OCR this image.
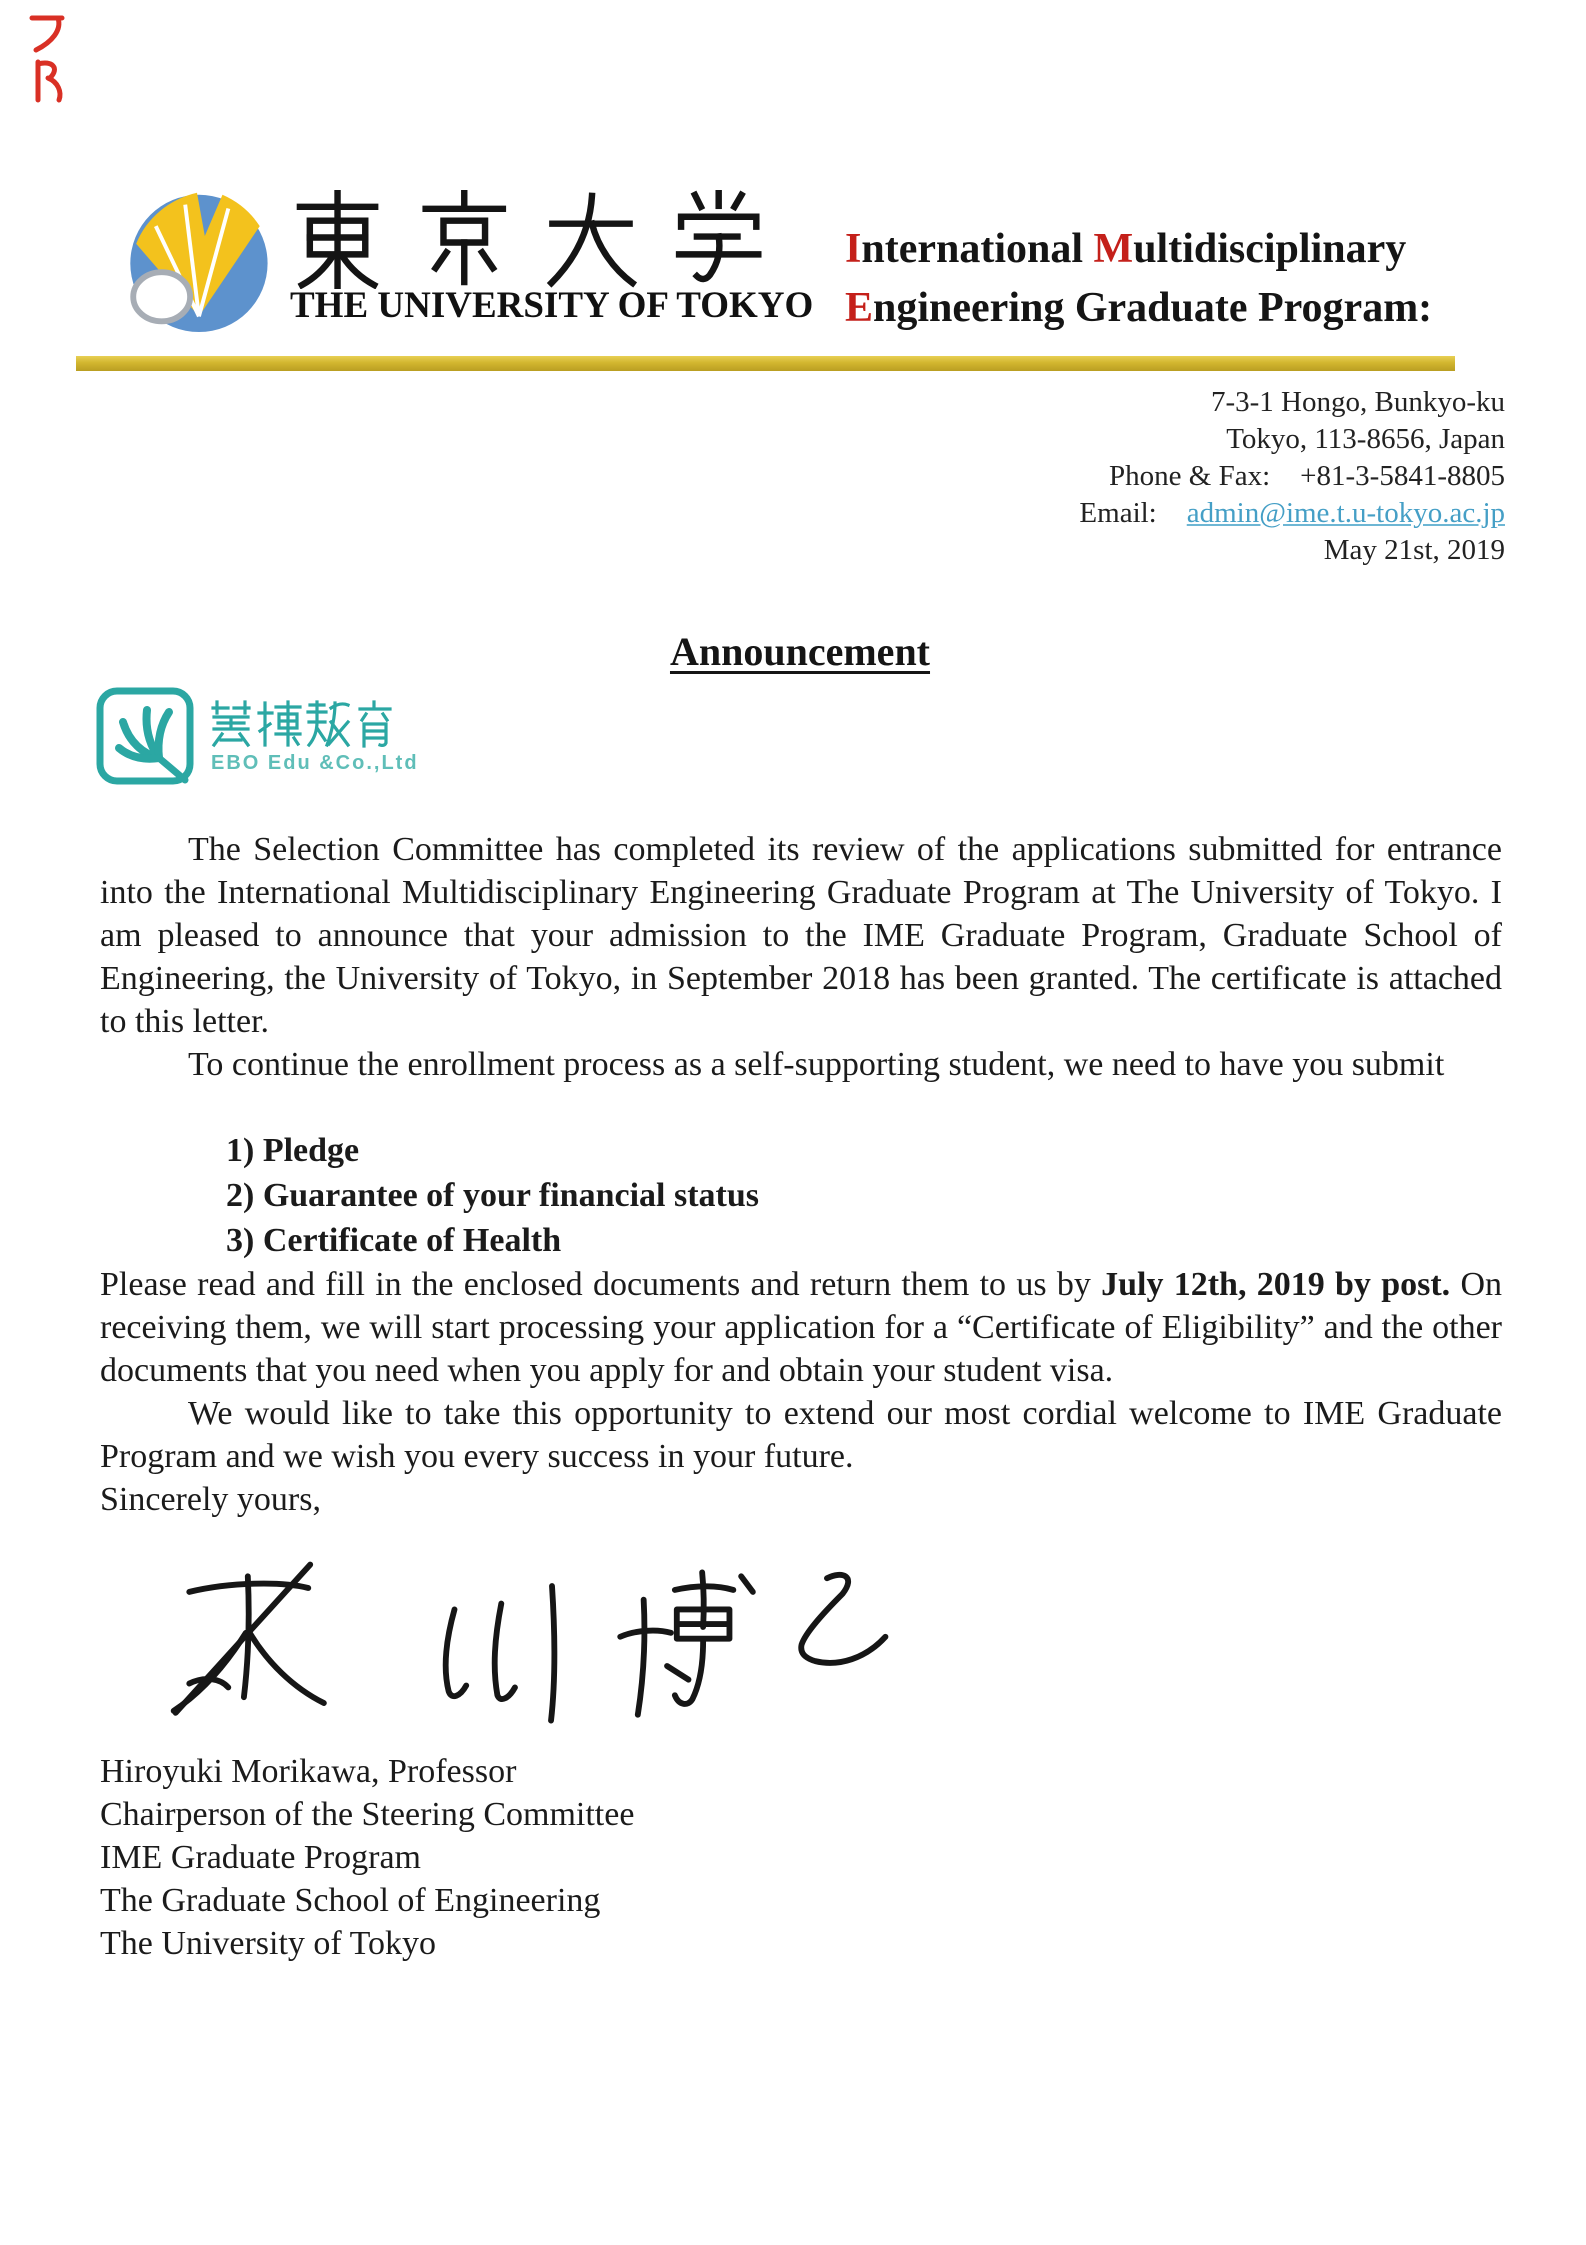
THE UNIVERSITY OF TOKYO
International Multidisciplinary
Engineering Graduate Program:
7-3-1 Hongo, Bunkyo-ku
Tokyo, 113-8656, Japan
Phone & Fax: +81-3-5841-8805
Email: admin@ime.t.u-tokyo.ac.jp
May 21st, 2019
Announcement
EBO Edu &Co.,Ltd

The Selection Committee has completed its review of the applications submitted for entrance into the International Multidisciplinary Engineering Graduate Program at The University of Tokyo. I am pleased to announce that your admission to the IME Graduate Program, Graduate School of Engineering, the University of Tokyo, in September 2018 has been granted. The certificate is attached to this letter.

To continue the enrollment process as a self-supporting student, we need to have you submit

1) Pledge
2) Guarantee of your financial status
3) Certificate of Health

Please read and fill in the enclosed documents and return them to us by July 12th, 2019 by post. On receiving them, we will start processing your application for a “Certificate of Eligibility” and the other documents that you need when you apply for and obtain your student visa.

We would like to take this opportunity to extend our most cordial welcome to IME Graduate Program and we wish you every success in your future.

Sincerely yours,

Hiroyuki Morikawa, Professor
Chairperson of the Steering Committee
IME Graduate Program
The Graduate School of Engineering
The University of Tokyo
